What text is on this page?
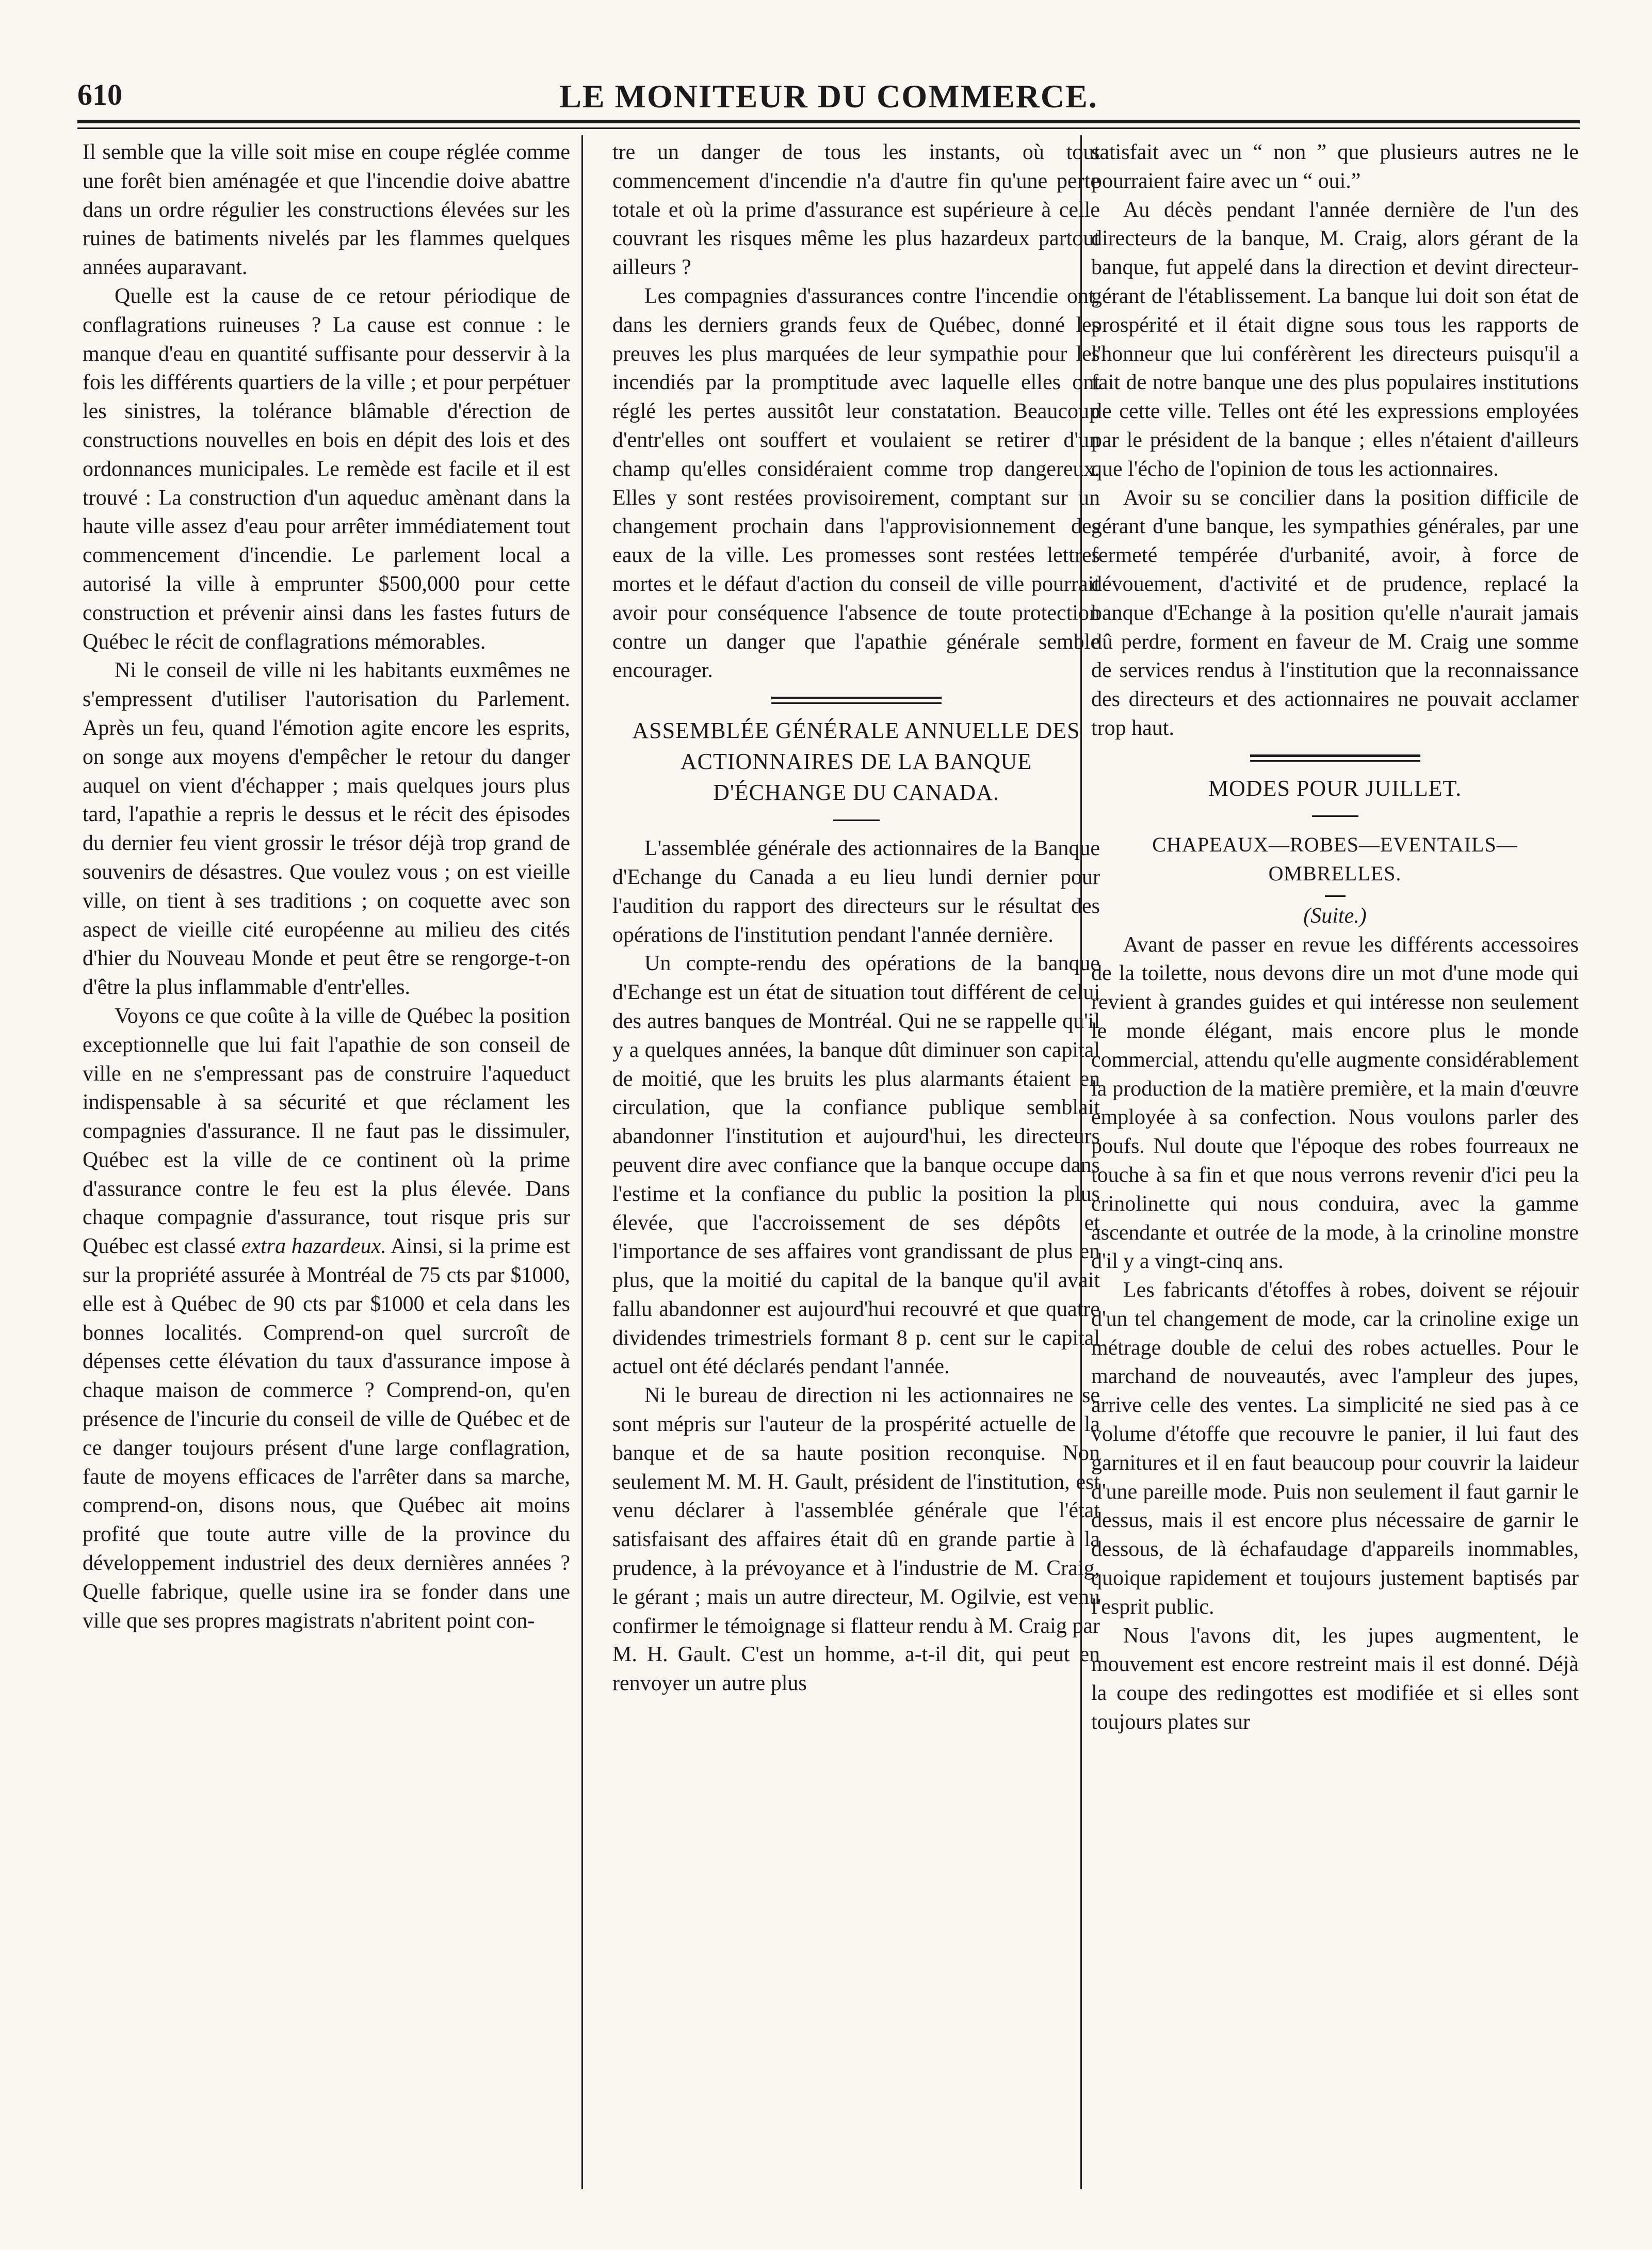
LE MONITEUR DU COMMERCE.
610

Il semble que la ville soit mise en coupe réglée comme une forêt bien aménagée et que l'incendie doive abattre dans un ordre régulier les constructions élevées sur les ruines de batiments nivelés par les flammes quelques années auparavant.

Quelle est la cause de ce retour périodique de conflagrations ruineuses ? La cause est connue : le manque d'eau en quantité suffisante pour desservir à la fois les différents quartiers de la ville ; et pour perpétuer les sinistres, la tolérance blâmable d'érection de constructions nouvelles en bois en dépit des lois et des ordonnances municipales. Le remède est facile et il est trouvé : La construction d'un aqueduc amènant dans la haute ville assez d'eau pour arrêter immédiatement tout commencement d'incendie. Le parlement local a autorisé la ville à emprunter $500,000 pour cette construction et prévenir ainsi dans les fastes futurs de Québec le récit de conflagrations mémorables.

Ni le conseil de ville ni les habitants euxmêmes ne s'empressent d'utiliser l'autorisation du Parlement. Après un feu, quand l'émotion agite encore les esprits, on songe aux moyens d'empêcher le retour du danger auquel on vient d'échapper ; mais quelques jours plus tard, l'apathie a repris le dessus et le récit des épisodes du dernier feu vient grossir le trésor déjà trop grand de souvenirs de désastres. Que voulez vous ; on est vieille ville, on tient à ses traditions ; on coquette avec son aspect de vieille cité européenne au milieu des cités d'hier du Nouveau Monde et peut être se rengorge-t-on d'être la plus inflammable d'entr'elles.

Voyons ce que coûte à la ville de Québec la position exceptionnelle que lui fait l'apathie de son conseil de ville en ne s'empressant pas de construire l'aqueduct indispensable à sa sécurité et que réclament les compagnies d'assurance. Il ne faut pas le dissimuler, Québec est la ville de ce continent où la prime d'assurance contre le feu est la plus élevée. Dans chaque compagnie d'assurance, tout risque pris sur Québec est classé extra hazardeux. Ainsi, si la prime est sur la propriété assurée à Montréal de 75 cts par $1000, elle est à Québec de 90 cts par $1000 et cela dans les bonnes localités. Comprend-on quel surcroît de dépenses cette élévation du taux d'assurance impose à chaque maison de commerce ? Comprend-on, qu'en présence de l'incurie du conseil de ville de Québec et de ce danger toujours présent d'une large conflagration, faute de moyens efficaces de l'arrêter dans sa marche, comprend-on, disons nous, que Québec ait moins profité que toute autre ville de la province du développement industriel des deux dernières années ? Quelle fabrique, quelle usine ira se fonder dans une ville que ses propres magistrats n'abritent point con-

tre un danger de tous les instants, où tout commencement d'incendie n'a d'autre fin qu'une perte totale et où la prime d'assurance est supérieure à celle couvrant les risques même les plus hazardeux partout ailleurs ?

Les compagnies d'assurances contre l'incendie ont, dans les derniers grands feux de Québec, donné les preuves les plus marquées de leur sympathie pour les incendiés par la promptitude avec laquelle elles ont réglé les pertes aussitôt leur constatation. Beaucoup d'entr'elles ont souffert et voulaient se retirer d'un champ qu'elles considéraient comme trop dangereux. Elles y sont restées provisoirement, comptant sur un changement prochain dans l'approvisionnement des eaux de la ville. Les promesses sont restées lettres mortes et le défaut d'action du conseil de ville pourrait avoir pour conséquence l'absence de toute protection contre un danger que l'apathie générale semble encourager.

ASSEMBLÉE GÉNÉRALE ANNUELLE DES ACTIONNAIRES DE LA BANQUE D'ÉCHANGE DU CANADA.

L'assemblée générale des actionnaires de la Banque d'Echange du Canada a eu lieu lundi dernier pour l'audition du rapport des directeurs sur le résultat des opérations de l'institution pendant l'année dernière.

Un compte-rendu des opérations de la banque d'Echange est un état de situation tout différent de celui des autres banques de Montréal. Qui ne se rappelle qu'il y a quelques années, la banque dût diminuer son capital de moitié, que les bruits les plus alarmants étaient en circulation, que la confiance publique semblait abandonner l'institution et aujourd'hui, les directeurs peuvent dire avec confiance que la banque occupe dans l'estime et la confiance du public la position la plus élevée, que l'accroissement de ses dépôts et l'importance de ses affaires vont grandissant de plus en plus, que la moitié du capital de la banque qu'il avait fallu abandonner est aujourd'hui recouvré et que quatre dividendes trimestriels formant 8 p. cent sur le capital actuel ont été déclarés pendant l'année.

Ni le bureau de direction ni les actionnaires ne se sont mépris sur l'auteur de la prospérité actuelle de la banque et de sa haute position reconquise. Non seulement M. M. H. Gault, président de l'institution, est venu déclarer à l'assemblée générale que l'état satisfaisant des affaires était dû en grande partie à la prudence, à la prévoyance et à l'industrie de M. Craig, le gérant ; mais un autre directeur, M. Ogilvie, est venu confirmer le témoignage si flatteur rendu à M. Craig par M. H. Gault. C'est un homme, a-t-il dit, qui peut en renvoyer un autre plus

satisfait avec un “ non ” que plusieurs autres ne le pourraient faire avec un “ oui.”

Au décès pendant l'année dernière de l'un des directeurs de la banque, M. Craig, alors gérant de la banque, fut appelé dans la direction et devint directeur-gérant de l'établissement. La banque lui doit son état de prospérité et il était digne sous tous les rapports de l'honneur que lui conférèrent les directeurs puisqu'il a fait de notre banque une des plus populaires institutions de cette ville. Telles ont été les expressions employées par le président de la banque ; elles n'étaient d'ailleurs que l'écho de l'opinion de tous les actionnaires.

Avoir su se concilier dans la position difficile de gérant d'une banque, les sympathies générales, par une fermeté tempérée d'urbanité, avoir, à force de dévouement, d'activité et de prudence, replacé la banque d'Echange à la position qu'elle n'aurait jamais dû perdre, forment en faveur de M. Craig une somme de services rendus à l'institution que la reconnaissance des directeurs et des actionnaires ne pouvait acclamer trop haut.

MODES POUR JUILLET.

CHAPEAUX—ROBES—EVENTAILS—OMBRELLES.

(Suite.)

Avant de passer en revue les différents accessoires de la toilette, nous devons dire un mot d'une mode qui revient à grandes guides et qui intéresse non seulement le monde élégant, mais encore plus le monde commercial, attendu qu'elle augmente considérablement la production de la matière première, et la main d'œuvre employée à sa confection. Nous voulons parler des poufs. Nul doute que l'époque des robes fourreaux ne touche à sa fin et que nous verrons revenir d'ici peu la crinolinette qui nous conduira, avec la gamme ascendante et outrée de la mode, à la crinoline monstre d'il y a vingt-cinq ans.

Les fabricants d'étoffes à robes, doivent se réjouir d'un tel changement de mode, car la crinoline exige un métrage double de celui des robes actuelles. Pour le marchand de nouveautés, avec l'ampleur des jupes, arrive celle des ventes. La simplicité ne sied pas à ce volume d'étoffe que recouvre le panier, il lui faut des garnitures et il en faut beaucoup pour couvrir la laideur d'une pareille mode. Puis non seulement il faut garnir le dessus, mais il est encore plus nécessaire de garnir le dessous, de là échafaudage d'appareils inommables, quoique rapidement et toujours justement baptisés par l'esprit public.

Nous l'avons dit, les jupes augmentent, le mouvement est encore restreint mais il est donné. Déjà la coupe des redingottes est modifiée et si elles sont toujours plates sur
